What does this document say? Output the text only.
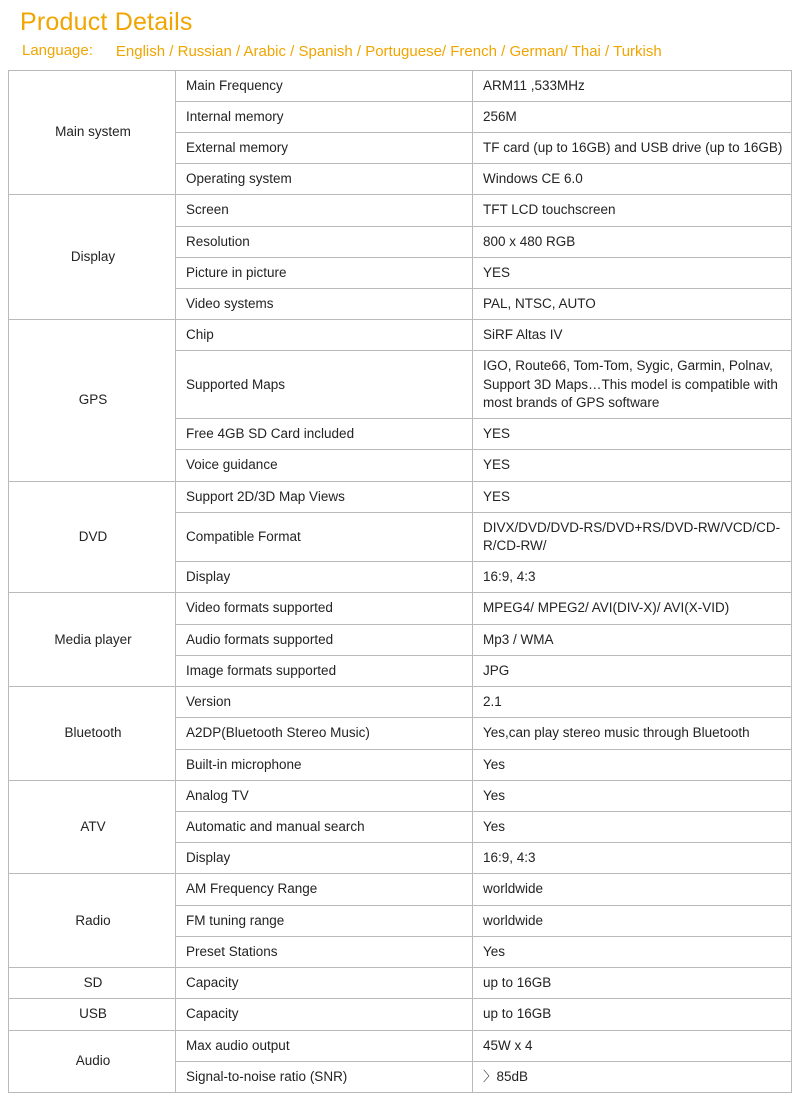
Product Details
Language: English / Russian / Arabic / Spanish / Portuguese/ French / German/ Thai / Turkish
Main system	Main Frequency	ARM11 ,533MHz
	Internal memory	256M
	External memory	TF card (up to 16GB) and USB drive (up to 16GB)
	Operating system	Windows CE 6.0
Display	Screen	TFT LCD touchscreen
	Resolution	800 x 480 RGB
	Picture in picture	YES
	Video systems	PAL, NTSC, AUTO
GPS	Chip	SiRF Altas IV
	Supported Maps	IGO, Route66, Tom-Tom, Sygic, Garmin, Polnav, Support 3D Maps…This model is compatible with most brands of GPS software
	Free 4GB SD Card included	YES
	Voice guidance	YES
DVD	Support 2D/3D Map Views	YES
	Compatible Format	DIVX/DVD/DVD-RS/DVD+RS/DVD-RW/VCD/CD-R/CD-RW/
	Display	16:9, 4:3
Media player	Video formats supported	MPEG4/ MPEG2/ AVI(DIV-X)/ AVI(X-VID)
	Audio formats supported	Mp3 / WMA
	Image formats supported	JPG
Bluetooth	Version	2.1
	A2DP(Bluetooth Stereo Music)	Yes,can play stereo music through Bluetooth
	Built-in microphone	Yes
ATV	Analog TV	Yes
	Automatic and manual search	Yes
	Display	16:9, 4:3
Radio	AM Frequency Range	worldwide
	FM tuning range	worldwide
	Preset Stations	Yes
SD	Capacity	up to 16GB
USB	Capacity	up to 16GB
Audio	Max audio output	45W x 4
	Signal-to-noise ratio (SNR)	〉85dB
